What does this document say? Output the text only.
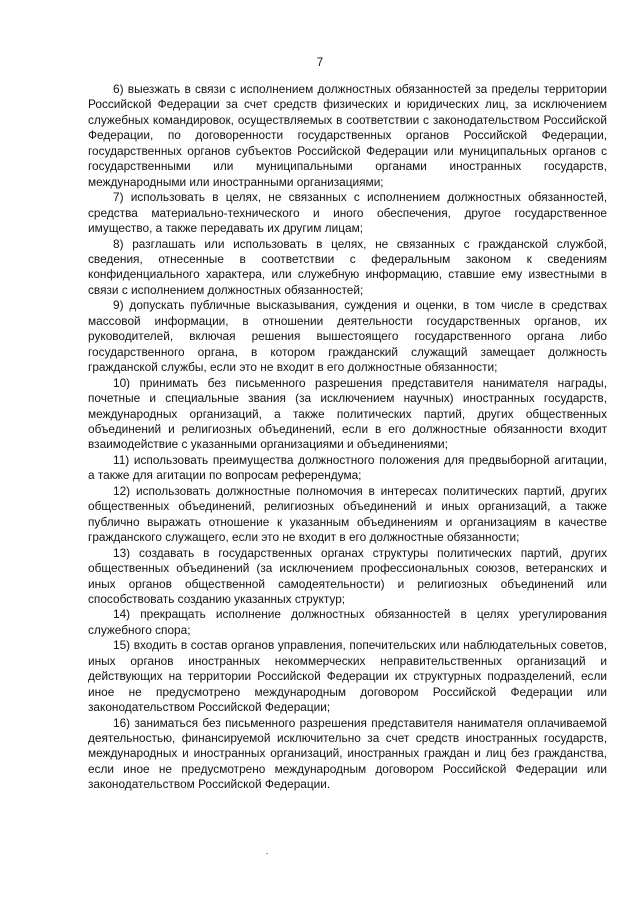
7

6) выезжать в связи с исполнением должностных обязанностей за пределы территории Российской Федерации за счет средств физических и юридических лиц, за исключением служебных командировок, осуществляемых в соответствии с законодательством Российской Федерации, по договоренности государственных органов Российской Федерации, государственных органов субъектов Российской Федерации или муниципальных органов с государственными или муниципальными органами иностранных государств, международными или иностранными организациями;

7) использовать в целях, не связанных с исполнением должностных обязанностей, средства материально-технического и иного обеспечения, другое государственное имущество, а также передавать их другим лицам;

8) разглашать или использовать в целях, не связанных с гражданской службой, сведения, отнесенные в соответствии с федеральным законом к сведениям конфиденциального характера, или служебную информацию, ставшие ему известными в связи с исполнением должностных обязанностей;

9) допускать публичные высказывания, суждения и оценки, в том числе в средствах массовой информации, в отношении деятельности государственных органов, их руководителей, включая решения вышестоящего государственного органа либо государственного органа, в котором гражданский служащий замещает должность гражданской службы, если это не входит в его должностные обязанности;

10) принимать без письменного разрешения представителя нанимателя награды, почетные и специальные звания (за исключением научных) иностранных государств, международных организаций, а также политических партий, других общественных объединений и религиозных объединений, если в его должностные обязанности входит взаимодействие с указанными организациями и объединениями;

11) использовать преимущества должностного положения для предвыборной агитации, а также для агитации по вопросам референдума;

12) использовать должностные полномочия в интересах политических партий, других общественных объединений, религиозных объединений и иных организаций, а также публично выражать отношение к указанным объединениям и организациям в качестве гражданского служащего, если это не входит в его должностные обязанности;

13) создавать в государственных органах структуры политических партий, других общественных объединений (за исключением профессиональных союзов, ветеранских и иных органов общественной самодеятельности) и религиозных объединений или способствовать созданию указанных структур;

14) прекращать исполнение должностных обязанностей в целях урегулирования служебного спора;

15) входить в состав органов управления, попечительских или наблюдательных советов, иных органов иностранных некоммерческих неправительственных организаций и действующих на территории Российской Федерации их структурных подразделений, если иное не предусмотрено международным договором Российской Федерации или законодательством Российской Федерации;

16) заниматься без письменного разрешения представителя нанимателя оплачиваемой деятельностью, финансируемой исключительно за счет средств иностранных государств, международных и иностранных организаций, иностранных граждан и лиц без гражданства, если иное не предусмотрено международным договором Российской Федерации или законодательством Российской Федерации.
